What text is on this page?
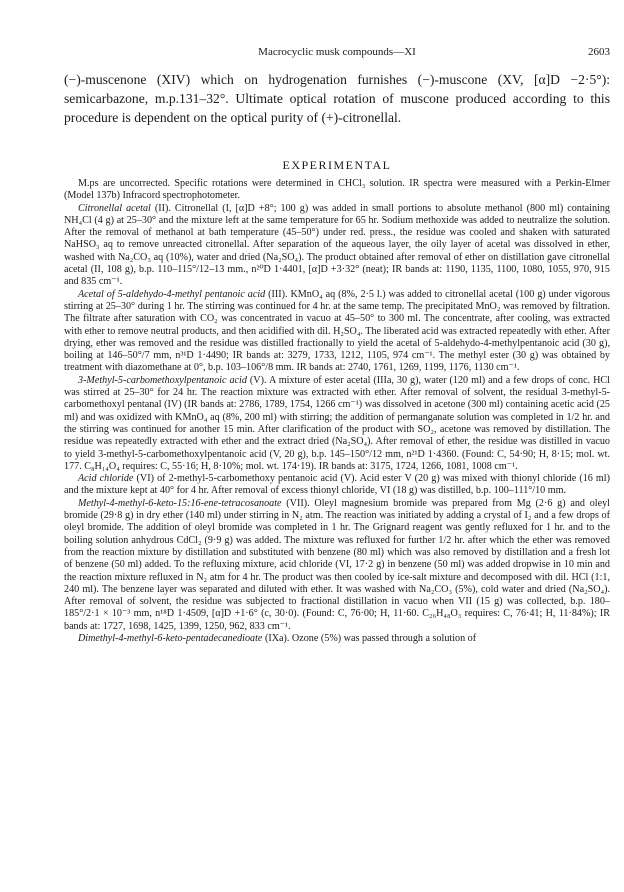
Macrocyclic musk compounds—XI	2603

(−)-muscenone (XIV) which on hydrogenation furnishes (−)-muscone (XV, [α]D −2·5°): semicarbazone, m.p.131–32°. Ultimate optical rotation of muscone produced according to this procedure is dependent on the optical purity of (+)-citronellal.

EXPERIMENTAL

M.ps are uncorrected. Specific rotations were determined in CHCl₃ solution. IR spectra were measured with a Perkin-Elmer (Model 137b) Infracord spectrophotometer.

Citronellal acetal (II). Citronellal (I, [α]D +8°; 100 g) was added in small portions to absolute methanol (800 ml) containing NH₄Cl (4 g) at 25–30° and the mixture left at the same temperature for 65 hr. Sodium methoxide was added to neutralize the solution. After the removal of methanol at bath temperature (45–50°) under red. press., the residue was cooled and shaken with saturated NaHSO₃ aq to remove unreacted citronellal. After separation of the aqueous layer, the oily layer of acetal was dissolved in ether, washed with Na₂CO₃ aq (10%), water and dried (Na₂SO₄). The product obtained after removal of ether on distillation gave citronellal acetal (II, 108 g), b.p. 110–115°/12–13 mm., n²⁰D 1·4401, [α]D +3·32° (neat); IR bands at: 1190, 1135, 1100, 1080, 1055, 970, 915 and 835 cm⁻¹.

Acetal of 5-aldehydo-4-methyl pentanoic acid (III). KMnO₄ aq (8%, 2·5 l.) was added to citronellal acetal (100 g) under vigorous stirring at 25–30° during 1 hr. The stirring was continued for 4 hr. at the same temp. The precipitated MnO₂ was removed by filtration. The filtrate after saturation with CO₂ was concentrated in vacuo at 45–50° to 300 ml. The concentrate, after cooling, was extracted with ether to remove neutral products, and then acidified with dil. H₂SO₄. The liberated acid was extracted repeatedly with ether. After drying, ether was removed and the residue was distilled fractionally to yield the acetal of 5-aldehydo-4-methylpentanoic acid (30 g), boiling at 146–50°/7 mm, n³¹D 1·4490; IR bands at: 3279, 1733, 1212, 1105, 974 cm⁻¹. The methyl ester (30 g) was obtained by treatment with diazomethane at 0°, b.p. 103–106°/8 mm. IR bands at: 2740, 1761, 1269, 1199, 1176, 1130 cm⁻¹.

3-Methyl-5-carbomethoxylpentanoic acid (V). A mixture of ester acetal (IIIa, 30 g), water (120 ml) and a few drops of conc. HCl was stirred at 25–30° for 24 hr. The reaction mixture was extracted with ether. After removal of solvent, the residual 3-methyl-5-carbomethoxyl pentanal (IV) (IR bands at: 2786, 1789, 1754, 1266 cm⁻¹) was dissolved in acetone (300 ml) containing acetic acid (25 ml) and was oxidized with KMnO₄ aq (8%, 200 ml) with stirring; the addition of permanganate solution was completed in 1/2 hr. and the stirring was continued for another 15 min. After clarification of the product with SO₂, acetone was removed by distillation. The residue was repeatedly extracted with ether and the extract dried (Na₂SO₄). After removal of ether, the residue was distilled in vacuo to yield 3-methyl-5-carbomethoxylpentanoic acid (V, 20 g), b.p. 145–150°/12 mm, n²¹D 1·4360. (Found: C, 54·90; H, 8·15; mol. wt. 177. C₈H₁₄O₄ requires: C, 55·16; H, 8·10%; mol. wt. 174·19). IR bands at: 3175, 1724, 1266, 1081, 1008 cm⁻¹.

Acid chloride (VI) of 2-methyl-5-carbomethoxy pentanoic acid (V). Acid ester V (20 g) was mixed with thionyl chloride (16 ml) and the mixture kept at 40° for 4 hr. After removal of excess thionyl chloride, VI (18 g) was distilled, b.p. 100–111°/10 mm.

Methyl-4-methyl-6-keto-15:16-ene-tetracosanoate (VII). Oleyl magnesium bromide was prepared from Mg (2·6 g) and oleyl bromide (29·8 g) in dry ether (140 ml) under stirring in N₂ atm. The reaction was initiated by adding a crystal of I₂ and a few drops of oleyl bromide. The addition of oleyl bromide was completed in 1 hr. The Grignard reagent was gently refluxed for 1 hr. and to the boiling solution anhydrous CdCl₂ (9·9 g) was added. The mixture was refluxed for further 1/2 hr. after which the ether was removed from the reaction mixture by distillation and substituted with benzene (80 ml) which was also removed by distillation and a fresh lot of benzene (50 ml) added. To the refluxing mixture, acid chloride (VI, 17·2 g) in benzene (50 ml) was added dropwise in 10 min and the reaction mixture refluxed in N₂ atm for 4 hr. The product was then cooled by ice-salt mixture and decomposed with dil. HCl (1:1, 240 ml). The benzene layer was separated and diluted with ether. It was washed with Na₂CO₃ (5%), cold water and dried (Na₂SO₄). After removal of solvent, the residue was subjected to fractional distillation in vacuo when VII (15 g) was collected, b.p. 180–185°/2·1 × 10⁻³ mm, n¹⁸D 1·4509, [α]D +1·6° (c, 30·0). (Found: C, 76·00; H, 11·60. C₂₆H₄₈O₃ requires: C, 76·41; H, 11·84%); IR bands at: 1727, 1698, 1425, 1399, 1250, 962, 833 cm⁻¹.

Dimethyl-4-methyl-6-keto-pentadecanedioate (IXa). Ozone (5%) was passed through a solution of
